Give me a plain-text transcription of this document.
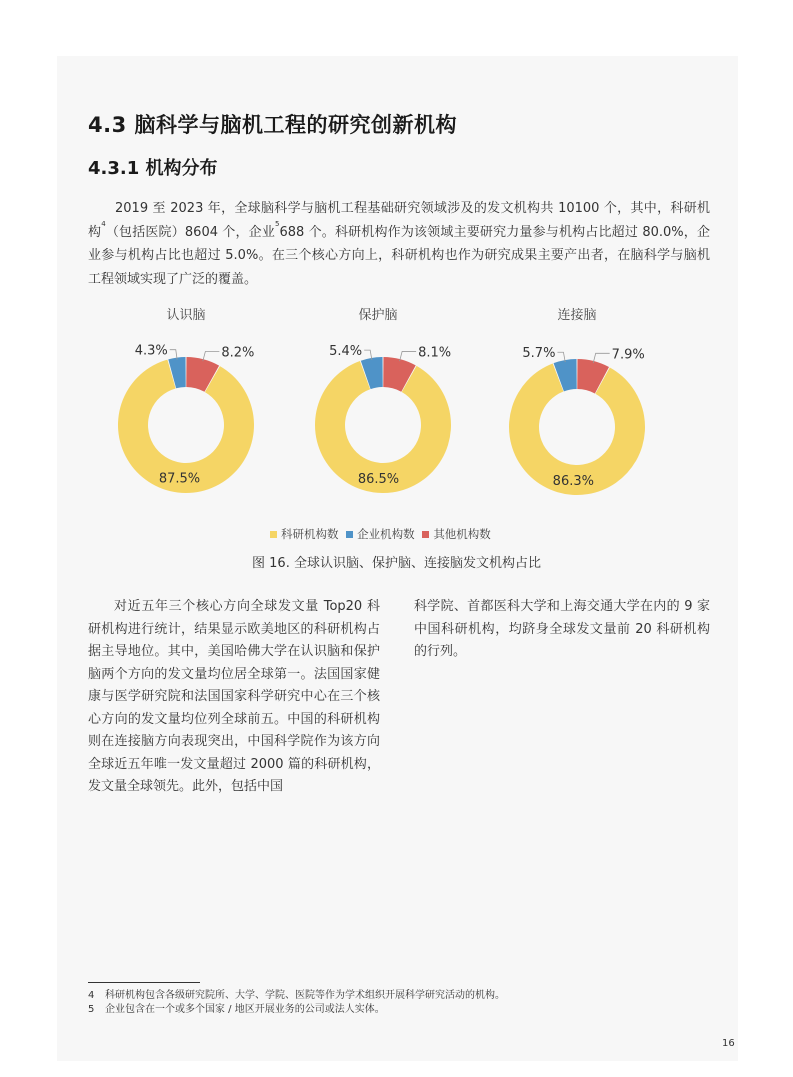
4.3 脑科学与脑机工程的研究创新机构
4.3.1 机构分布

2019 至 2023 年，全球脑科学与脑机工程基础研究领域涉及的发文机构共 10100 个，其中，科研机构$^4$（包括医院）8604 个，企业$^5$688 个。科研机构作为该领域主要研究力量参与机构占比超过 80.0%，企业参与机构占比也超过 5.0%。在三个核心方向上，科研机构也作为研究成果主要产出者，在脑科学与脑机工程领域实现了广泛的覆盖。

认识脑	保护脑	连接脑
87.5%
4.3%	8.2%
86.5%
5.4%	8.1%
86.3%
5.7%	7.9%
科研机构数 企业机构数 其他机构数
图 16. 全球认识脑、保护脑、连接脑发文机构占比

对近五年三个核心方向全球发文量 Top20 科研机构进行统计，结果显示欧美地区的科研机构占据主导地位。其中，美国哈佛大学在认识脑和保护脑两个方向的发文量均位居全球第一。法国国家健康与医学研究院和法国国家科学研究中心在三个核心方向的发文量均位列全球前五。中国的科研机构则在连接脑方向表现突出，中国科学院作为该方向全球近五年唯一发文量超过 2000 篇的科研机构，发文量全球领先。此外，包括中国

科学院、首都医科大学和上海交通大学在内的 9 家中国科研机构，均跻身全球发文量前 20 科研机构的行列。

4 科研机构包含各级研究院所、大学、学院、医院等作为学术组织开展科学研究活动的机构。
5 企业包含在一个或多个国家 / 地区开展业务的公司或法人实体。
16
